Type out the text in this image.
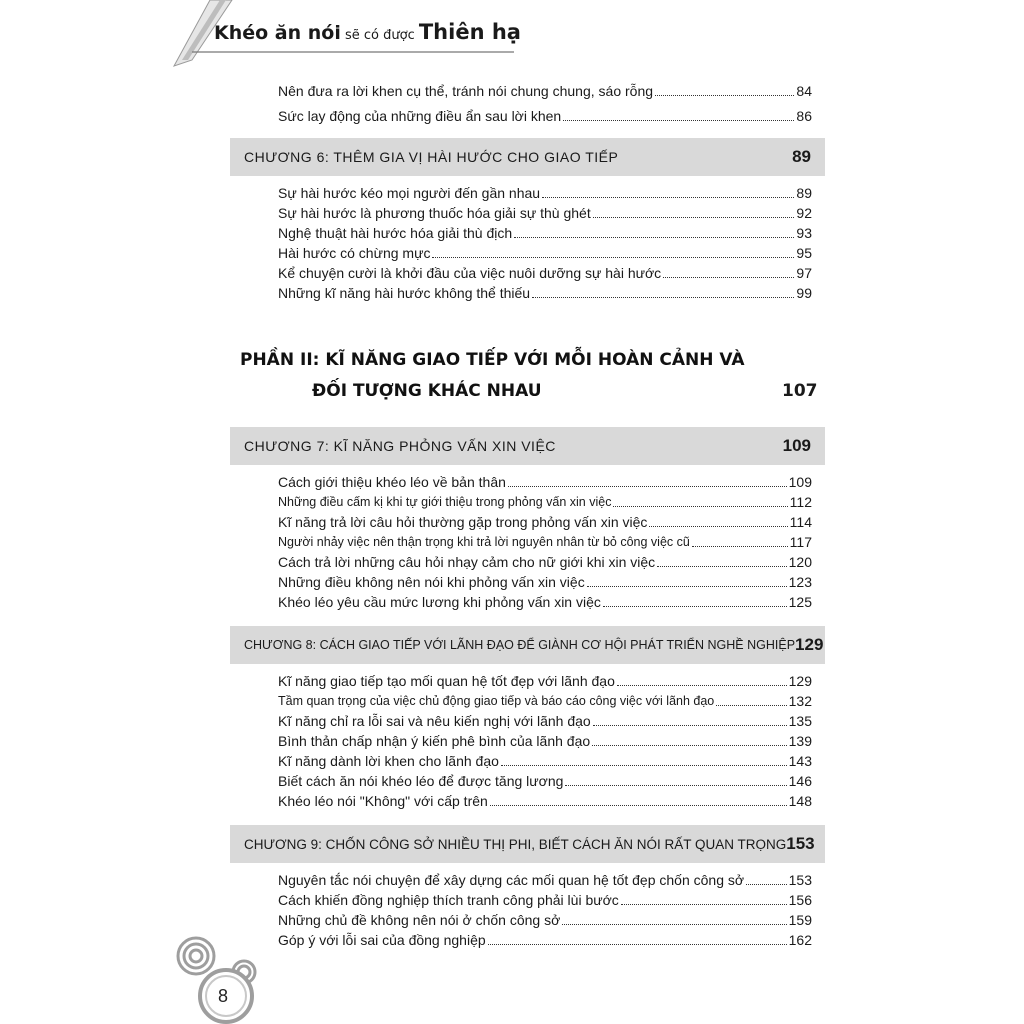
Khéo ăn nói sẽ có được Thiên hạ
Nên đưa ra lời khen cụ thể, tránh nói chung chung, sáo rỗng	84
Sức lay động của những điều ẩn sau lời khen	86
CHƯƠNG 6: THÊM GIA VỊ HÀI HƯỚC CHO GIAO TIẾP	89
Sự hài hước kéo mọi người đến gần nhau	89
Sự hài hước là phương thuốc hóa giải sự thù ghét	92
Nghệ thuật hài hước hóa giải thù địch	93
Hài hước có chừng mực	95
Kể chuyện cười là khởi đầu của việc nuôi dưỡng sự hài hước	97
Những kĩ năng hài hước không thể thiếu	99
PHẦN II: KĨ NĂNG GIAO TIẾP VỚI MỖI HOÀN CẢNH VÀ
ĐỐI TƯỢNG KHÁC NHAU	107
CHƯƠNG 7: KĨ NĂNG PHỎNG VẤN XIN VIỆC	109
Cách giới thiệu khéo léo về bản thân	109
Những điều cấm kị khi tự giới thiệu trong phỏng vấn xin việc	112
Kĩ năng trả lời câu hỏi thường gặp trong phỏng vấn xin việc	114
Người nhảy việc nên thận trọng khi trả lời nguyên nhân từ bỏ công việc cũ	117
Cách trả lời những câu hỏi nhạy cảm cho nữ giới khi xin việc	120
Những điều không nên nói khi phỏng vấn xin việc	123
Khéo léo yêu cầu mức lương khi phỏng vấn xin việc	125
CHƯƠNG 8: CÁCH GIAO TIẾP VỚI LÃNH ĐẠO ĐỂ GIÀNH CƠ HỘI PHÁT TRIỂN NGHỀ NGHIỆP 129
Kĩ năng giao tiếp tạo mối quan hệ tốt đẹp với lãnh đạo	129
Tầm quan trọng của việc chủ động giao tiếp và báo cáo công việc với lãnh đạo	132
Kĩ năng chỉ ra lỗi sai và nêu kiến nghị với lãnh đạo	135
Bình thản chấp nhận ý kiến phê bình của lãnh đạo	139
Kĩ năng dành lời khen cho lãnh đạo	143
Biết cách ăn nói khéo léo để được tăng lương	146
Khéo léo nói "Không" với cấp trên	148
CHƯƠNG 9: CHỐN CÔNG SỞ NHIỀU THỊ PHI, BIẾT CÁCH ĂN NÓI RẤT QUAN TRỌNG 153
Nguyên tắc nói chuyện để xây dựng các mối quan hệ tốt đẹp chốn công sở	153
Cách khiến đồng nghiệp thích tranh công phải lùi bước	156
Những chủ đề không nên nói ở chốn công sở	159
Góp ý với lỗi sai của đồng nghiệp	162
8
